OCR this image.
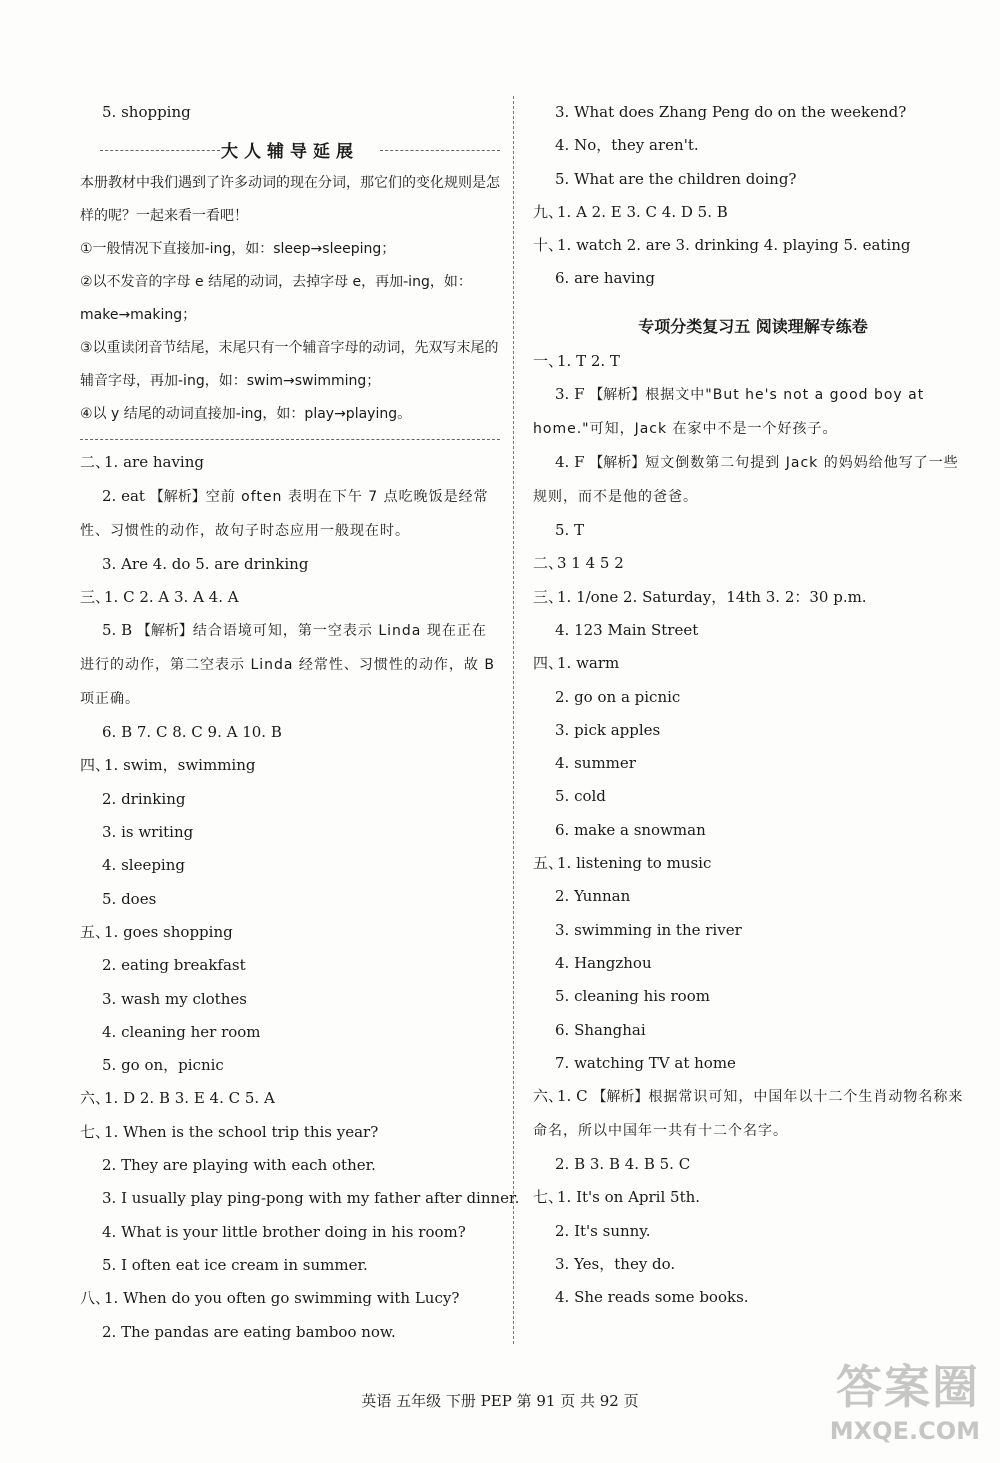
5. shopping
大人辅导延展
本册教材中我们遇到了许多动词的现在分词，那它们的变化规则是怎样的呢？一起来看一看吧！
①一般情况下直接加-ing，如：sleep→sleeping；
②以不发音的字母 e 结尾的动词，去掉字母 e，再加-ing，如：make→making；
③以重读闭音节结尾，末尾只有一个辅音字母的动词，先双写末尾的辅音字母，再加-ing，如：swim→swimming；
④以 y 结尾的动词直接加-ing，如：play→playing。
二、1. are having
2. eat 【解析】空前 often 表明在下午 7 点吃晚饭是经常性、习惯性的动作，故句子时态应用一般现在时。
3. Are 4. do 5. are drinking
三、1. C 2. A 3. A 4. A
5. B 【解析】结合语境可知，第一空表示 Linda 现在正在进行的动作，第二空表示 Linda 经常性、习惯性的动作，故 B 项正确。
6. B 7. C 8. C 9. A 10. B
四、1. swim，swimming
2. drinking
3. is writing
4. sleeping
5. does
五、1. goes shopping
2. eating breakfast
3. wash my clothes
4. cleaning her room
5. go on，picnic
六、1. D 2. B 3. E 4. C 5. A
七、1. When is the school trip this year?
2. They are playing with each other.
3. I usually play ping-pong with my father after dinner.
4. What is your little brother doing in his room?
5. I often eat ice cream in summer.
八、1. When do you often go swimming with Lucy?
2. The pandas are eating bamboo now.
3. What does Zhang Peng do on the weekend?
4. No，they aren't.
5. What are the children doing?
九、1. A 2. E 3. C 4. D 5. B
十、1. watch 2. are 3. drinking 4. playing 5. eating
6. are having
专项分类复习五 阅读理解专练卷
一、1. T 2. T
3. F 【解析】根据文中"But he's not a good boy at home."可知，Jack 在家中不是一个好孩子。
4. F 【解析】短文倒数第二句提到 Jack 的妈妈给他写了一些规则，而不是他的爸爸。
5. T
二、3 1 4 5 2
三、1. 1/one 2. Saturday，14th 3. 2：30 p.m.
4. 123 Main Street
四、1. warm
2. go on a picnic
3. pick apples
4. summer
5. cold
6. make a snowman
五、1. listening to music
2. Yunnan
3. swimming in the river
4. Hangzhou
5. cleaning his room
6. Shanghai
7. watching TV at home
六、1. C 【解析】根据常识可知，中国年以十二个生肖动物名称来命名，所以中国年一共有十二个名字。
2. B 3. B 4. B 5. C
七、1. It's on April 5th.
2. It's sunny.
3. Yes，they do.
4. She reads some books.
英语 五年级 下册 PEP 第 91 页 共 92 页	答案圈
MXQE.COM
